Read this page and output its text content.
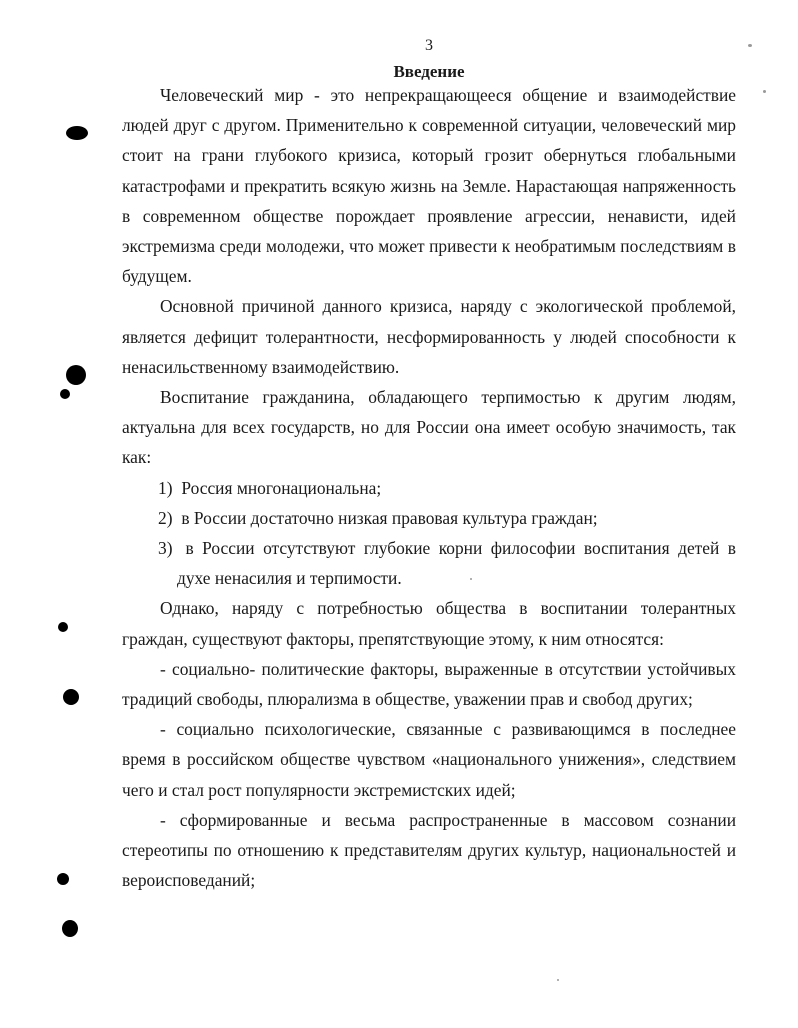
3
Введение

Человеческий мир - это непрекращающееся общение и взаимодействие людей друг с другом. Применительно к современной ситуации, человеческий мир стоит на грани глубокого кризиса, который грозит обернуться глобальными катастрофами и прекратить всякую жизнь на Земле. Нарастающая напряженность в современном обществе порождает проявление агрессии, ненависти, идей экстремизма среди молодежи, что может привести к необратимым последствиям в будущем.

Основной причиной данного кризиса, наряду с экологической проблемой, является дефицит толерантности, несформированность у людей способности к ненасильственному взаимодействию.

Воспитание гражданина, обладающего терпимостью к другим людям, актуальна для всех государств, но для России она имеет особую значимость, так как:

1) Россия многонациональна;
2) в России достаточно низкая правовая культура граждан;
3) в России отсутствуют глубокие корни философии воспитания детей в духе ненасилия и терпимости.

Однако, наряду с потребностью общества в воспитании толерантных граждан, существуют факторы, препятствующие этому, к ним относятся:

- социально- политические факторы, выраженные в отсутствии устойчивых традиций свободы, плюрализма в обществе, уважении прав и свобод других;

- социально психологические, связанные с развивающимся в последнее время в российском обществе чувством «национального унижения», следствием чего и стал рост популярности экстремистских идей;

- сформированные и весьма распространенные в массовом сознании стереотипы по отношению к представителям других культур, национальностей и вероисповеданий;
